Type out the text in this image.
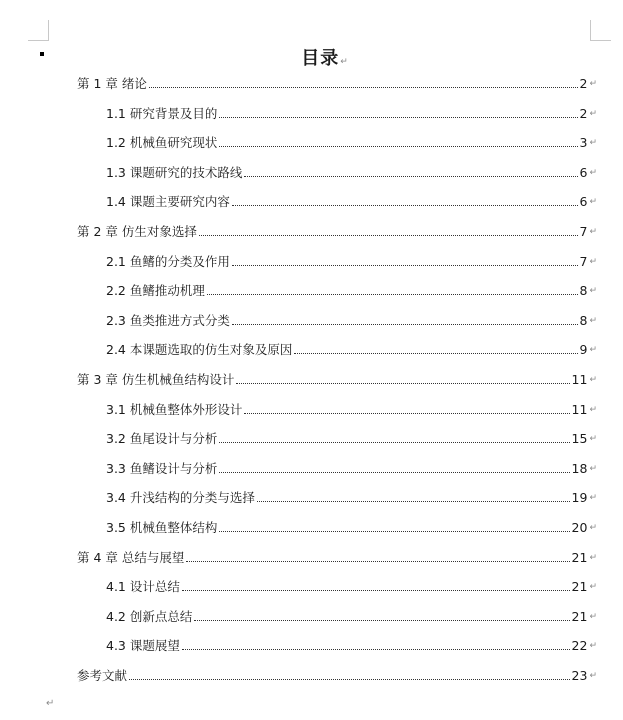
目录↵
第 1 章 绪论	2 ↵
1.1 研究背景及目的	2 ↵
1.2 机械鱼研究现状	3 ↵
1.3 课题研究的技术路线	6 ↵
1.4 课题主要研究内容	6 ↵
第 2 章 仿生对象选择	7 ↵
2.1 鱼鳍的分类及作用	7 ↵
2.2 鱼鳍推动机理	8 ↵
2.3 鱼类推进方式分类	8 ↵
2.4 本课题选取的仿生对象及原因	9 ↵
第 3 章 仿生机械鱼结构设计	11 ↵
3.1 机械鱼整体外形设计	11 ↵
3.2 鱼尾设计与分析	15 ↵
3.3 鱼鳍设计与分析	18 ↵
3.4 升浅结构的分类与选择	19 ↵
3.5 机械鱼整体结构	20 ↵
第 4 章 总结与展望	21 ↵
4.1 设计总结	21 ↵
4.2 创新点总结	21 ↵
4.3 课题展望	22 ↵
参考文献	23 ↵
↵
